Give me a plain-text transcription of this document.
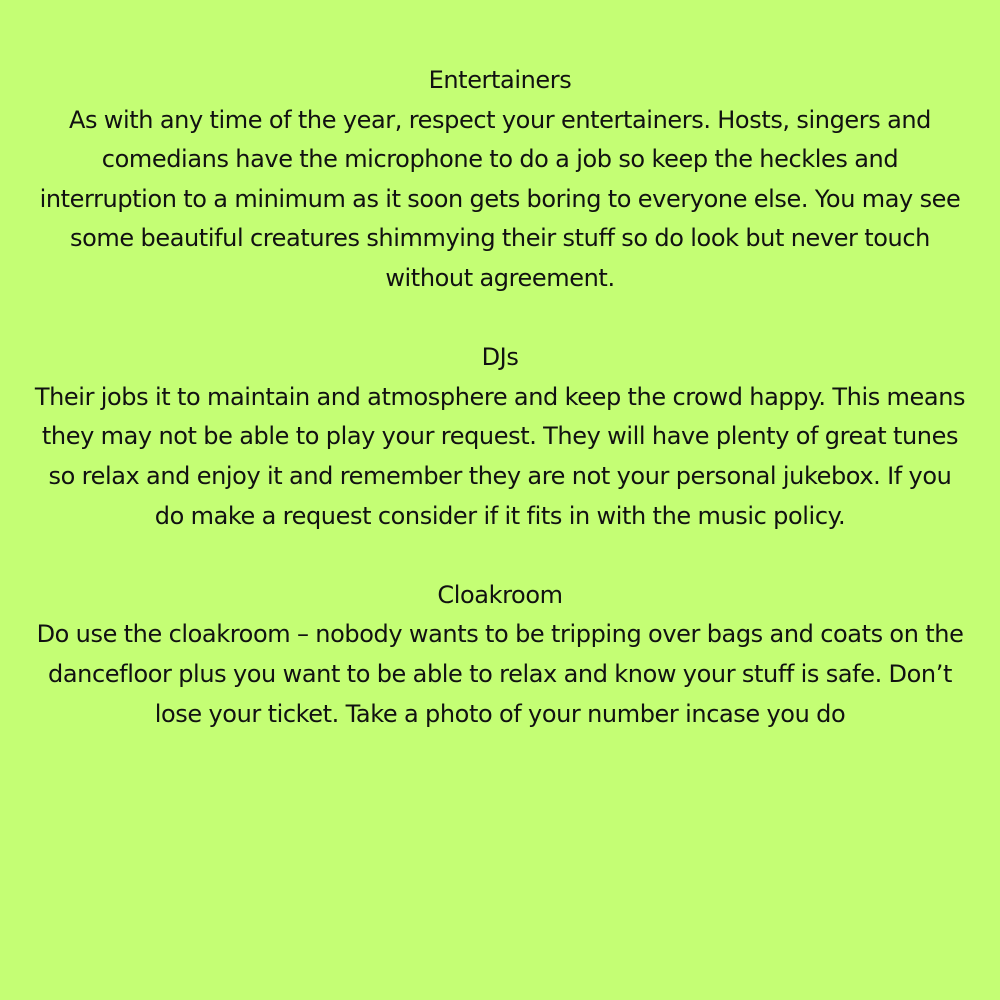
Entertainers

As with any time of the year, respect your entertainers. Hosts, singers and comedians have the microphone to do a job so keep the heckles and interruption to a minimum as it soon gets boring to everyone else. You may see some beautiful creatures shimmying their stuff so do look but never touch without agreement.

DJs

Their jobs it to maintain and atmosphere and keep the crowd happy. This means they may not be able to play your request. They will have plenty of great tunes so relax and enjoy it and remember they are not your personal jukebox. If you do make a request consider if it fits in with the music policy.

Cloakroom

Do use the cloakroom – nobody wants to be tripping over bags and coats on the dancefloor plus you want to be able to relax and know your stuff is safe. Don’t lose your ticket. Take a photo of your number incase you do
